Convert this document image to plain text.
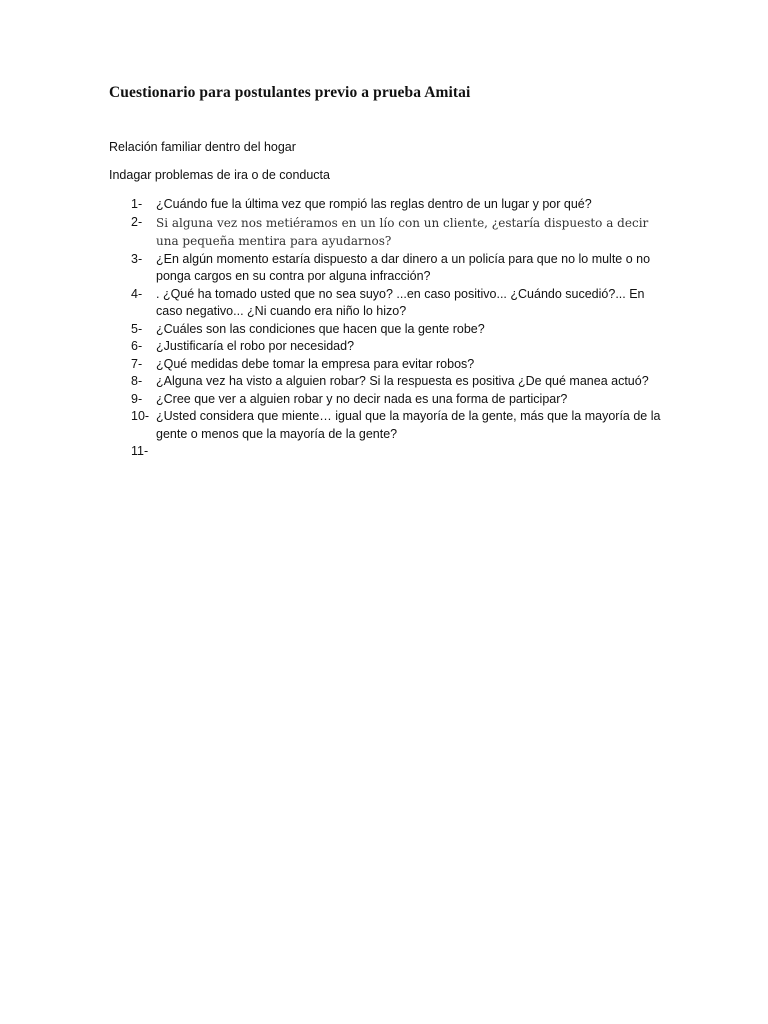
Cuestionario para postulantes previo a prueba Amitai
Relación familiar dentro del hogar
Indagar problemas de ira o de conducta
1-	¿Cuándo fue la última vez que rompió las reglas dentro de un lugar y por qué?
2-	Si alguna vez nos metiéramos en un lío con un cliente, ¿estaría dispuesto a decir una pequeña mentira para ayudarnos?
3-	¿En algún momento estaría dispuesto a dar dinero a un policía para que no lo multe o no ponga cargos en su contra por alguna infracción?
4-	. ¿Qué ha tomado usted que no sea suyo? ...en caso positivo... ¿Cuándo sucedió?... En caso negativo... ¿Ni cuando era niño lo hizo?
5-	¿Cuáles son las condiciones que hacen que la gente robe?
6-	¿Justificaría el robo por necesidad?
7-	¿Qué medidas debe tomar la empresa para evitar robos?
8-	¿Alguna vez ha visto a alguien robar? Si la respuesta es positiva ¿De qué manea actuó?
9-	¿Cree que ver a alguien robar y no decir nada es una forma de participar?
10- ¿Usted considera que miente… igual que la mayoría de la gente, más que la mayoría de la gente o menos que la mayoría de la gente?
11-
